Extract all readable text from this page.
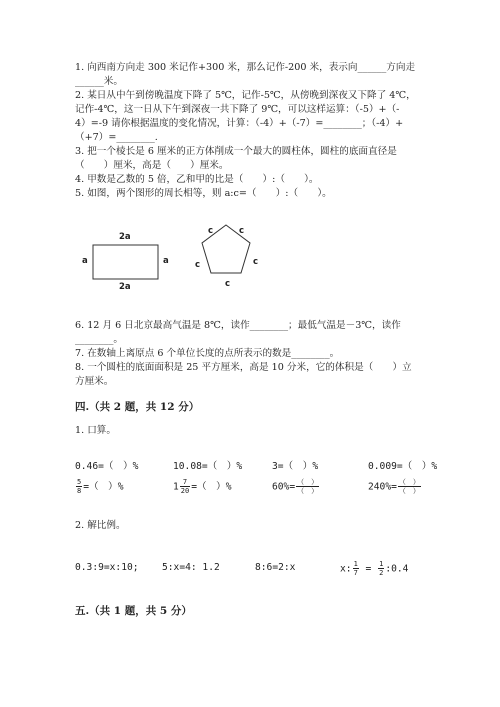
1. 向西南方向走 300 米记作+300 米，那么记作-200 米，表示向______方向走
______米。
2. 某日从中午到傍晚温度下降了 5℃，记作-5℃，从傍晚到深夜又下降了 4℃，
记作-4℃，这一日从下午到深夜一共下降了 9℃，可以这样运算：（-5）+（-
4）=-9 请你根据温度的变化情况，计算：（-4）+（-7）=________；（-4）+
（+7）=________.
3. 把一个棱长是 6 厘米的正方体削成一个最大的圆柱体，圆柱的底面直径是
（　　）厘米，高是（　　）厘米。
4. 甲数是乙数的 5 倍，乙和甲的比是（　　）:（　　）。
5. 如图，两个图形的周长相等，则 a:c=（　　）:（　　）。
2a
2a
a	a
c	c
c	c
c
6. 12 月 6 日北京最高气温是 8℃，读作________；最低气温是－3℃，读作
________。
7. 在数轴上离原点 6 个单位长度的点所表示的数是________。
8. 一个圆柱的底面面积是 25 平方厘米，高是 10 分米，它的体积是（　　）立
方厘米。
四.（共 2 题，共 12 分）
1. 口算。
0.46=（　）%	10.08=（　）%	3=（　）%	0.009=（　）%
$\frac{5}{8}$ =（　）%	$1 \frac{7}{20}$ =（　）%	$60\%= \frac{( )}{( )}$	$240\%= \frac{( )}{( )}$
2. 解比例。
0.3:9=x:10; 5:x=4: 1.2	8:6=2:x	x: $\frac{1}{7} = \frac{1}{2}$ :0.4
五.（共 1 题，共 5 分）
